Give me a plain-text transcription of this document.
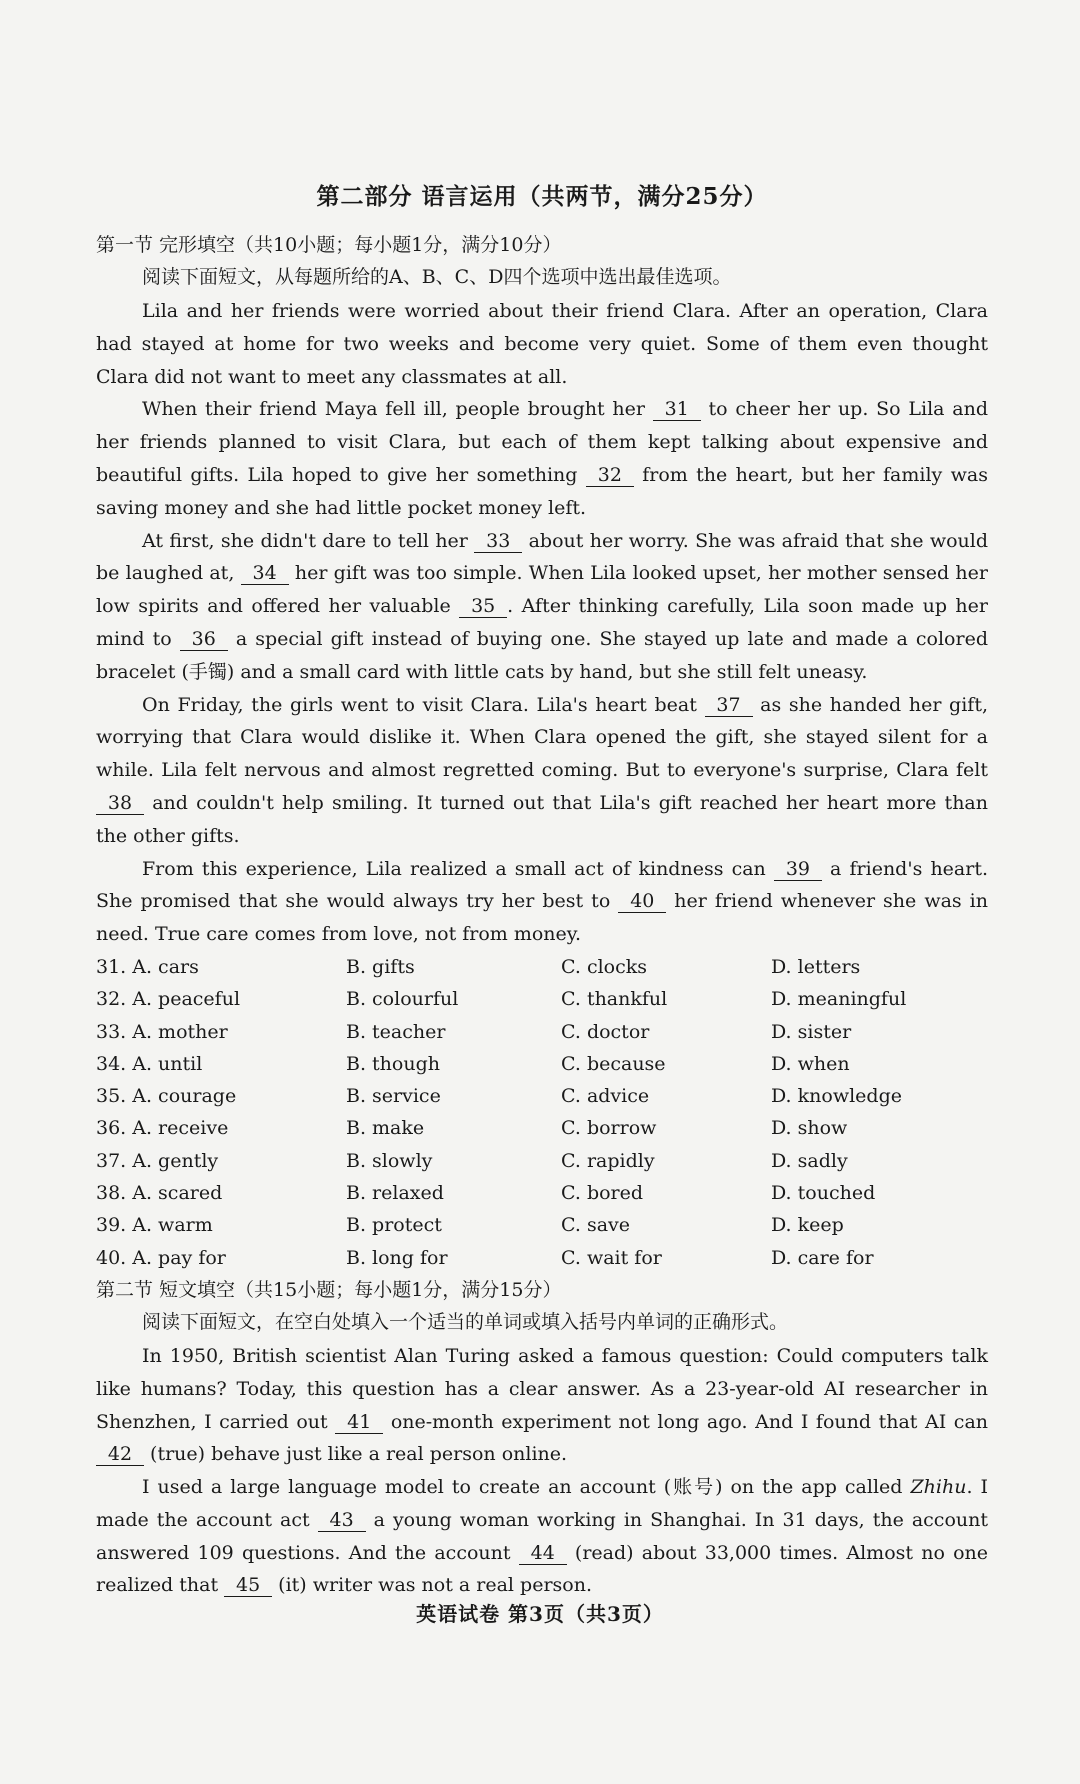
第二部分 语言运用（共两节，满分25分）
第一节 完形填空（共10小题；每小题1分，满分10分）
阅读下面短文，从每题所给的A、B、C、D四个选项中选出最佳选项。

Lila and her friends were worried about their friend Clara. After an operation, Clara had stayed at home for two weeks and become very quiet. Some of them even thought Clara did not want to meet any classmates at all.

When their friend Maya fell ill, people brought her 31 to cheer her up. So Lila and her friends planned to visit Clara, but each of them kept talking about expensive and beautiful gifts. Lila hoped to give her something 32 from the heart, but her family was saving money and she had little pocket money left.

At first, she didn't dare to tell her 33 about her worry. She was afraid that she would be laughed at, 34 her gift was too simple. When Lila looked upset, her mother sensed her low spirits and offered her valuable 35 . After thinking carefully, Lila soon made up her mind to 36 a special gift instead of buying one. She stayed up late and made a colored bracelet (手镯) and a small card with little cats by hand, but she still felt uneasy.

On Friday, the girls went to visit Clara. Lila's heart beat 37 as she handed her gift, worrying that Clara would dislike it. When Clara opened the gift, she stayed silent for a while. Lila felt nervous and almost regretted coming. But to everyone's surprise, Clara felt 38 and couldn't help smiling. It turned out that Lila's gift reached her heart more than the other gifts.

From this experience, Lila realized a small act of kindness can 39 a friend's heart. She promised that she would always try her best to 40 her friend whenever she was in need. True care comes from love, not from money.

31. A. cars	B. gifts	C. clocks	D. letters
32. A. peaceful	B. colourful	C. thankful	D. meaningful
33. A. mother	B. teacher	C. doctor	D. sister
34. A. until	B. though	C. because	D. when
35. A. courage	B. service	C. advice	D. knowledge
36. A. receive	B. make	C. borrow	D. show
37. A. gently	B. slowly	C. rapidly	D. sadly
38. A. scared	B. relaxed	C. bored	D. touched
39. A. warm	B. protect	C. save	D. keep
40. A. pay for	B. long for	C. wait for	D. care for
第二节 短文填空（共15小题；每小题1分，满分15分）
阅读下面短文，在空白处填入一个适当的单词或填入括号内单词的正确形式。

In 1950, British scientist Alan Turing asked a famous question: Could computers talk like humans? Today, this question has a clear answer. As a 23-year-old AI researcher in Shenzhen, I carried out 41 one-month experiment not long ago. And I found that AI can 42 (true) behave just like a real person online.

I used a large language model to create an account (账号) on the app called Zhihu. I made the account act 43 a young woman working in Shanghai. In 31 days, the account answered 109 questions. And the account 44 (read) about 33,000 times. Almost no one realized that 45 (it) writer was not a real person.

英语试卷 第3页（共3页）
